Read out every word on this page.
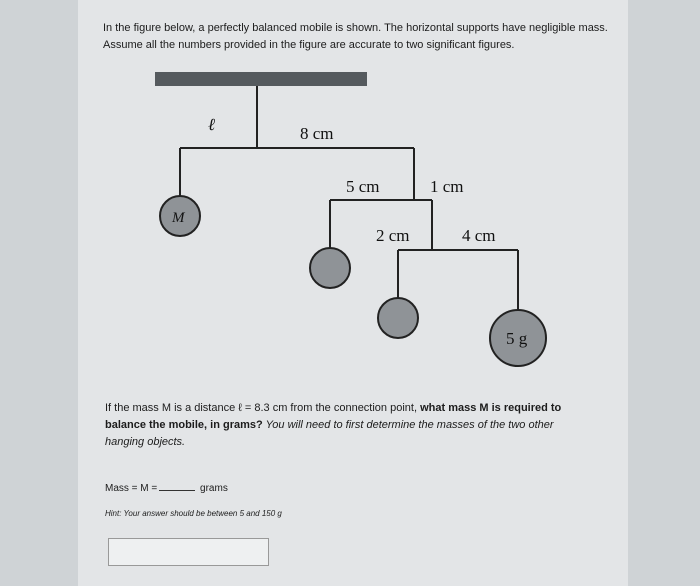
In the figure below, a perfectly balanced mobile is shown. The horizontal supports have negligible mass. Assume all the numbers provided in the figure are accurate to two significant figures.
M
5 g
ℓ	8 cm
5 cm	1 cm
2 cm	4 cm
If the mass M is a distance ℓ = 8.3 cm from the connection point, what mass M is required to balance the mobile, in grams? You will need to first determine the masses of the two other hanging objects.
Mass = M =	grams
Hint: Your answer should be between 5 and 150 g
